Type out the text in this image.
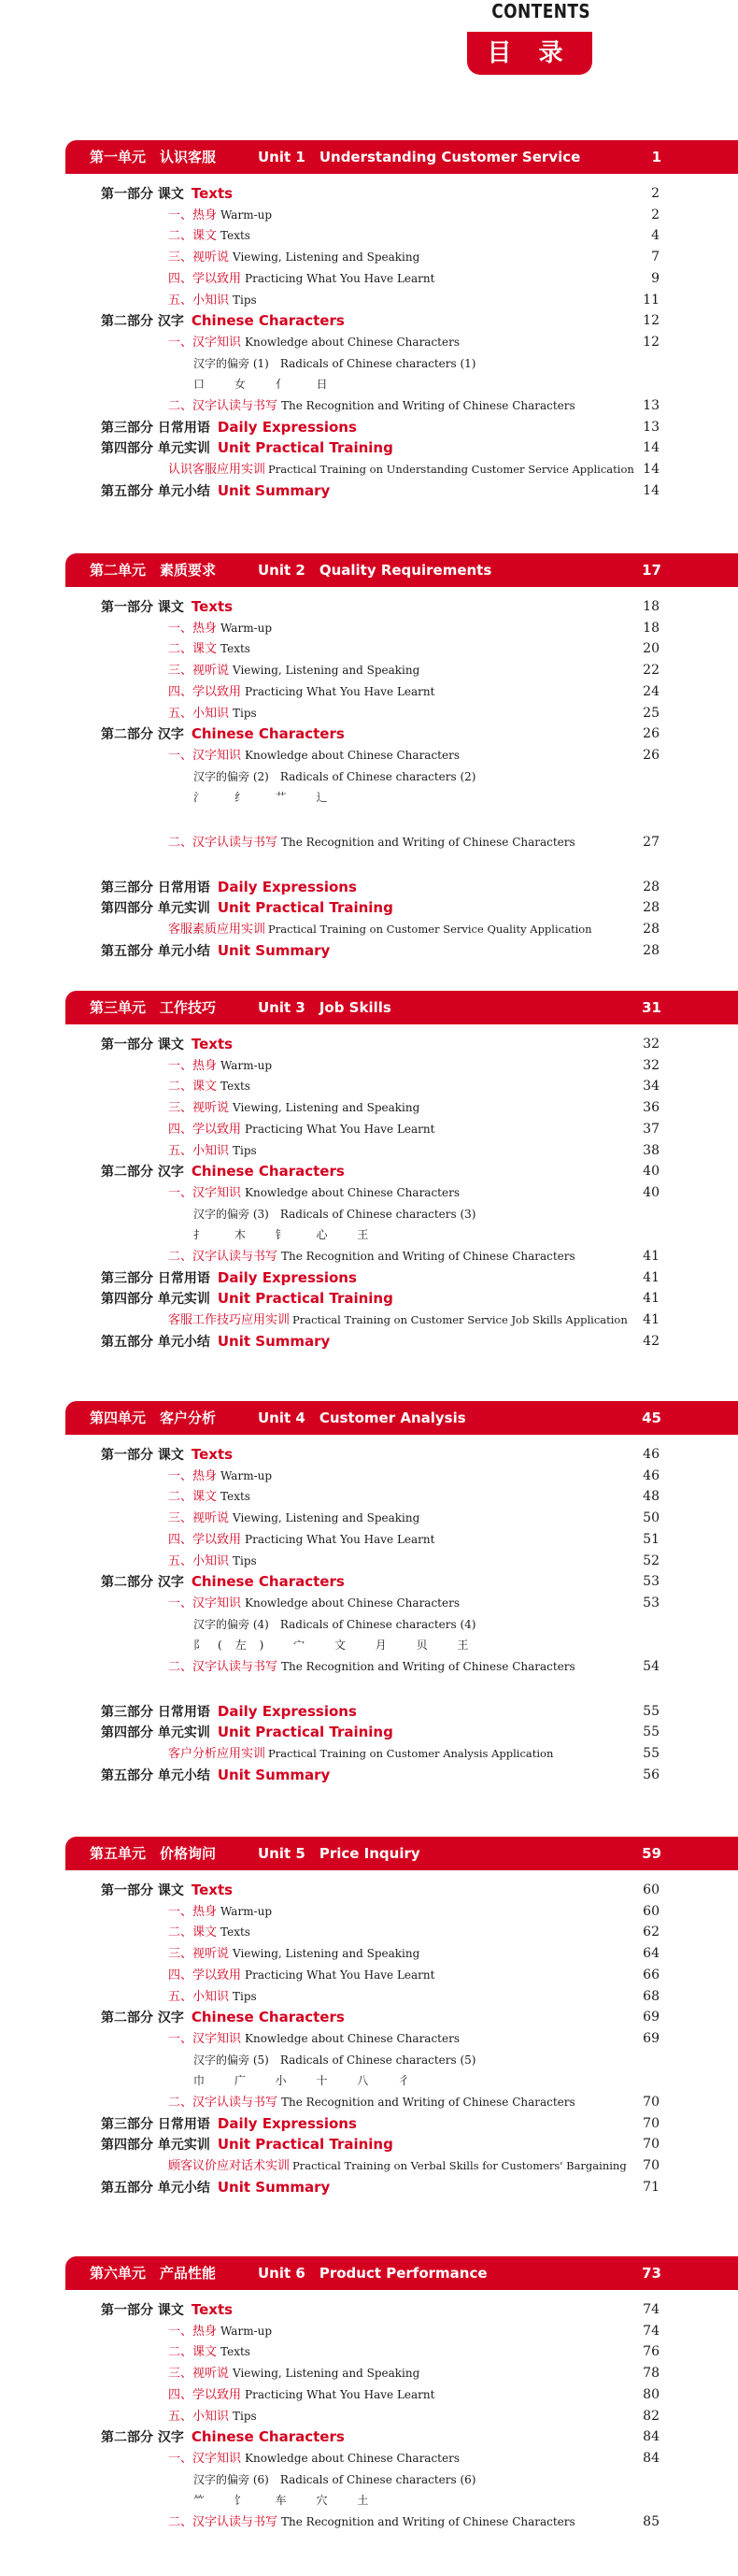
CONTENTS
目 录
第一单元　认识客服	Unit 1　Understanding Customer Service	1
第一部分 课文 Texts	2
一、热身 Warm-up	2
二、课文 Texts	4
三、视听说 Viewing, Listening and Speaking	7
四、学以致用 Practicing What You Have Learnt	9
五、小知识 Tips	11
第二部分 汉字 Chinese Characters	12
一、汉字知识 Knowledge about Chinese Characters	12
汉字的偏旁 (1)　Radicals of Chinese characters (1)
口 女 亻 日
二、汉字认读与书写 The Recognition and Writing of Chinese Characters	13
第三部分 日常用语 Daily Expressions	13
第四部分 单元实训 Unit Practical Training	14
认识客服应用实训 Practical Training on Understanding Customer Service Application 14
第五部分 单元小结 Unit Summary	14
第二单元　素质要求	Unit 2　Quality Requirements	17
第一部分 课文 Texts	18
一、热身 Warm-up	18
二、课文 Texts	20
三、视听说 Viewing, Listening and Speaking	22
四、学以致用 Practicing What You Have Learnt	24
五、小知识 Tips	25
第二部分 汉字 Chinese Characters	26
一、汉字知识 Knowledge about Chinese Characters	26
汉字的偏旁 (2)　Radicals of Chinese characters (2)
氵 纟 艹 辶
二、汉字认读与书写 The Recognition and Writing of Chinese Characters	27
第三部分 日常用语 Daily Expressions	28
第四部分 单元实训 Unit Practical Training	28
客服素质应用实训 Practical Training on Customer Service Quality Application	28
第五部分 单元小结 Unit Summary	28
第三单元　工作技巧	Unit 3　Job Skills	31
第一部分 课文 Texts	32
一、热身 Warm-up	32
二、课文 Texts	34
三、视听说 Viewing, Listening and Speaking	36
四、学以致用 Practicing What You Have Learnt	37
五、小知识 Tips	38
第二部分 汉字 Chinese Characters	40
一、汉字知识 Knowledge about Chinese Characters	40
汉字的偏旁 (3)　Radicals of Chinese characters (3)
扌 木 钅 心 王
二、汉字认读与书写 The Recognition and Writing of Chinese Characters	41
第三部分 日常用语 Daily Expressions	41
第四部分 单元实训 Unit Practical Training	41
客服工作技巧应用实训 Practical Training on Customer Service Job Skills Application	41
第五部分 单元小结 Unit Summary	42
第四单元　客户分析	Unit 4　Customer Analysis	45
第一部分 课文 Texts	46
一、热身 Warm-up	46
二、课文 Texts	48
三、视听说 Viewing, Listening and Speaking	50
四、学以致用 Practicing What You Have Learnt	51
五、小知识 Tips	52
第二部分 汉字 Chinese Characters	53
一、汉字知识 Knowledge about Chinese Characters	53
汉字的偏旁 (4)　Radicals of Chinese characters (4)
阝(左) 宀 文 月 贝 王
二、汉字认读与书写 The Recognition and Writing of Chinese Characters	54
第三部分 日常用语 Daily Expressions	55
第四部分 单元实训 Unit Practical Training	55
客户分析应用实训 Practical Training on Customer Analysis Application	55
第五部分 单元小结 Unit Summary	56
第五单元　价格询问	Unit 5　Price Inquiry	59
第一部分 课文 Texts	60
一、热身 Warm-up	60
二、课文 Texts	62
三、视听说 Viewing, Listening and Speaking	64
四、学以致用 Practicing What You Have Learnt	66
五、小知识 Tips	68
第二部分 汉字 Chinese Characters	69
一、汉字知识 Knowledge about Chinese Characters	69
汉字的偏旁 (5)　Radicals of Chinese characters (5)
巾 广 小 十 八 彳
二、汉字认读与书写 The Recognition and Writing of Chinese Characters	70
第三部分 日常用语 Daily Expressions	70
第四部分 单元实训 Unit Practical Training	70
顾客议价应对话术实训 Practical Training on Verbal Skills for Customers' Bargaining	70
第五部分 单元小结 Unit Summary	71
第六单元　产品性能	Unit 6　Product Performance	73
第一部分 课文 Texts	74
一、热身 Warm-up	74
二、课文 Texts	76
三、视听说 Viewing, Listening and Speaking	78
四、学以致用 Practicing What You Have Learnt	80
五、小知识 Tips	82
第二部分 汉字 Chinese Characters	84
一、汉字知识 Knowledge about Chinese Characters	84
汉字的偏旁 (6)　Radicals of Chinese characters (6)
⺮ 饣 车 穴 土
二、汉字认读与书写 The Recognition and Writing of Chinese Characters	85
